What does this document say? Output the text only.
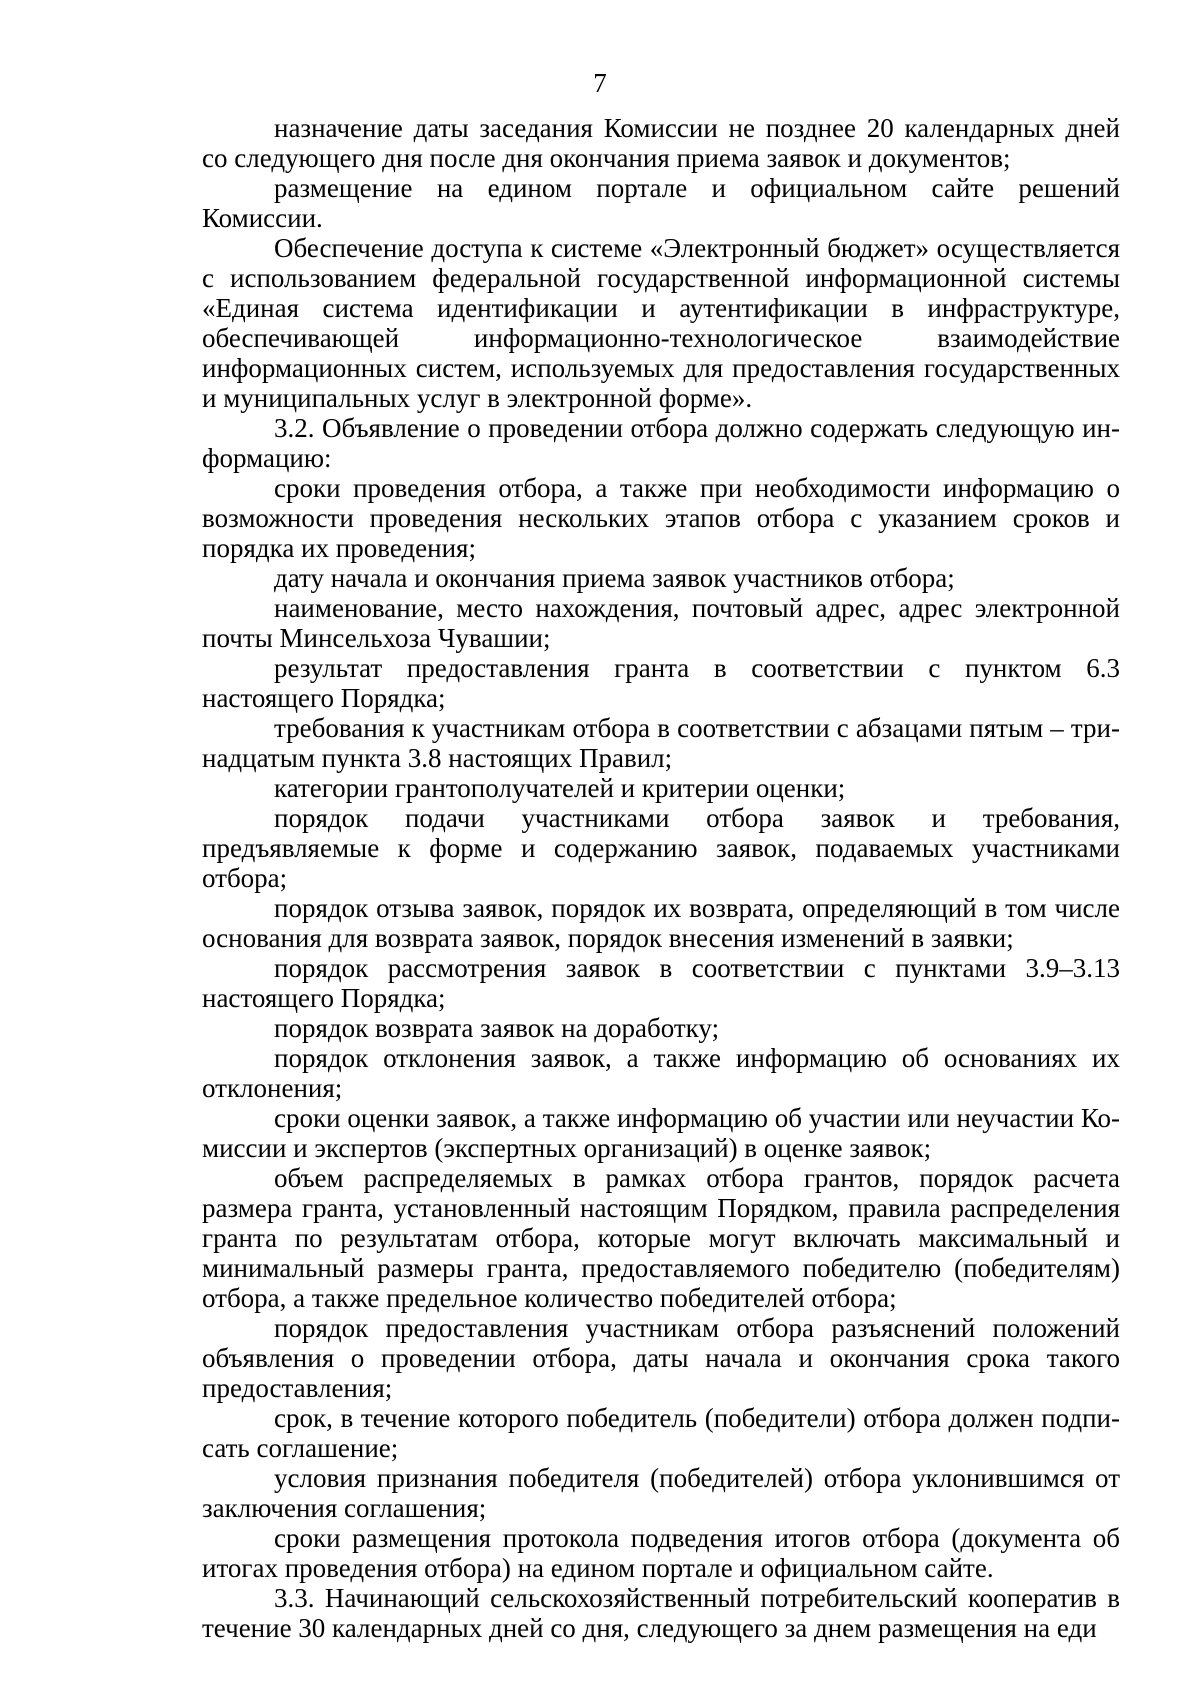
7

назначение даты заседания Комиссии не позднее 20 календарных дней со следующего дня после дня окончания приема заявок и документов;

размещение на едином портале и официальном сайте решений Комиссии.

Обеспечение доступа к системе «Электронный бюджет» осуществляется с использованием федеральной государственной информационной системы «Единая система идентификации и аутентификации в инфраструктуре, обеспечивающей информационно-технологическое взаимодействие информационных систем, используемых для предоставления государственных и муниципальных услуг в электронной форме».

3.2. Объявление о проведении отбора должно содержать следующую информацию:

сроки проведения отбора, а также при необходимости информацию о возможности проведения нескольких этапов отбора с указанием сроков и порядка их проведения;

дату начала и окончания приема заявок участников отбора;

наименование, место нахождения, почтовый адрес, адрес электронной почты Минсельхоза Чувашии;

результат предоставления гранта в соответствии с пунктом 6.3 настоящего Порядка;

требования к участникам отбора в соответствии с абзацами пятым – тринадцатым пункта 3.8 настоящих Правил;

категории грантополучателей и критерии оценки;

порядок подачи участниками отбора заявок и требования, предъявляемые к форме и содержанию заявок, подаваемых участниками отбора;

порядок отзыва заявок, порядок их возврата, определяющий в том числе основания для возврата заявок, порядок внесения изменений в заявки;

порядок рассмотрения заявок в соответствии с пунктами 3.9–3.13 настоящего Порядка;

порядок возврата заявок на доработку;

порядок отклонения заявок, а также информацию об основаниях их отклонения;

сроки оценки заявок, а также информацию об участии или неучастии Комиссии и экспертов (экспертных организаций) в оценке заявок;

объем распределяемых в рамках отбора грантов, порядок расчета размера гранта, установленный настоящим Порядком, правила распределения гранта по результатам отбора, которые могут включать максимальный и минимальный размеры гранта, предоставляемого победителю (победителям) отбора, а также предельное количество победителей отбора;

порядок предоставления участникам отбора разъяснений положений объявления о проведении отбора, даты начала и окончания срока такого предоставления;

срок, в течение которого победитель (победители) отбора должен подписать соглашение;

условия признания победителя (победителей) отбора уклонившимся от заключения соглашения;

сроки размещения протокола подведения итогов отбора (документа об итогах проведения отбора) на едином портале и официальном сайте.

3.3. Начинающий сельскохозяйственный потребительский кооператив в течение 30 календарных дней со дня, следующего за днем размещения на еди
